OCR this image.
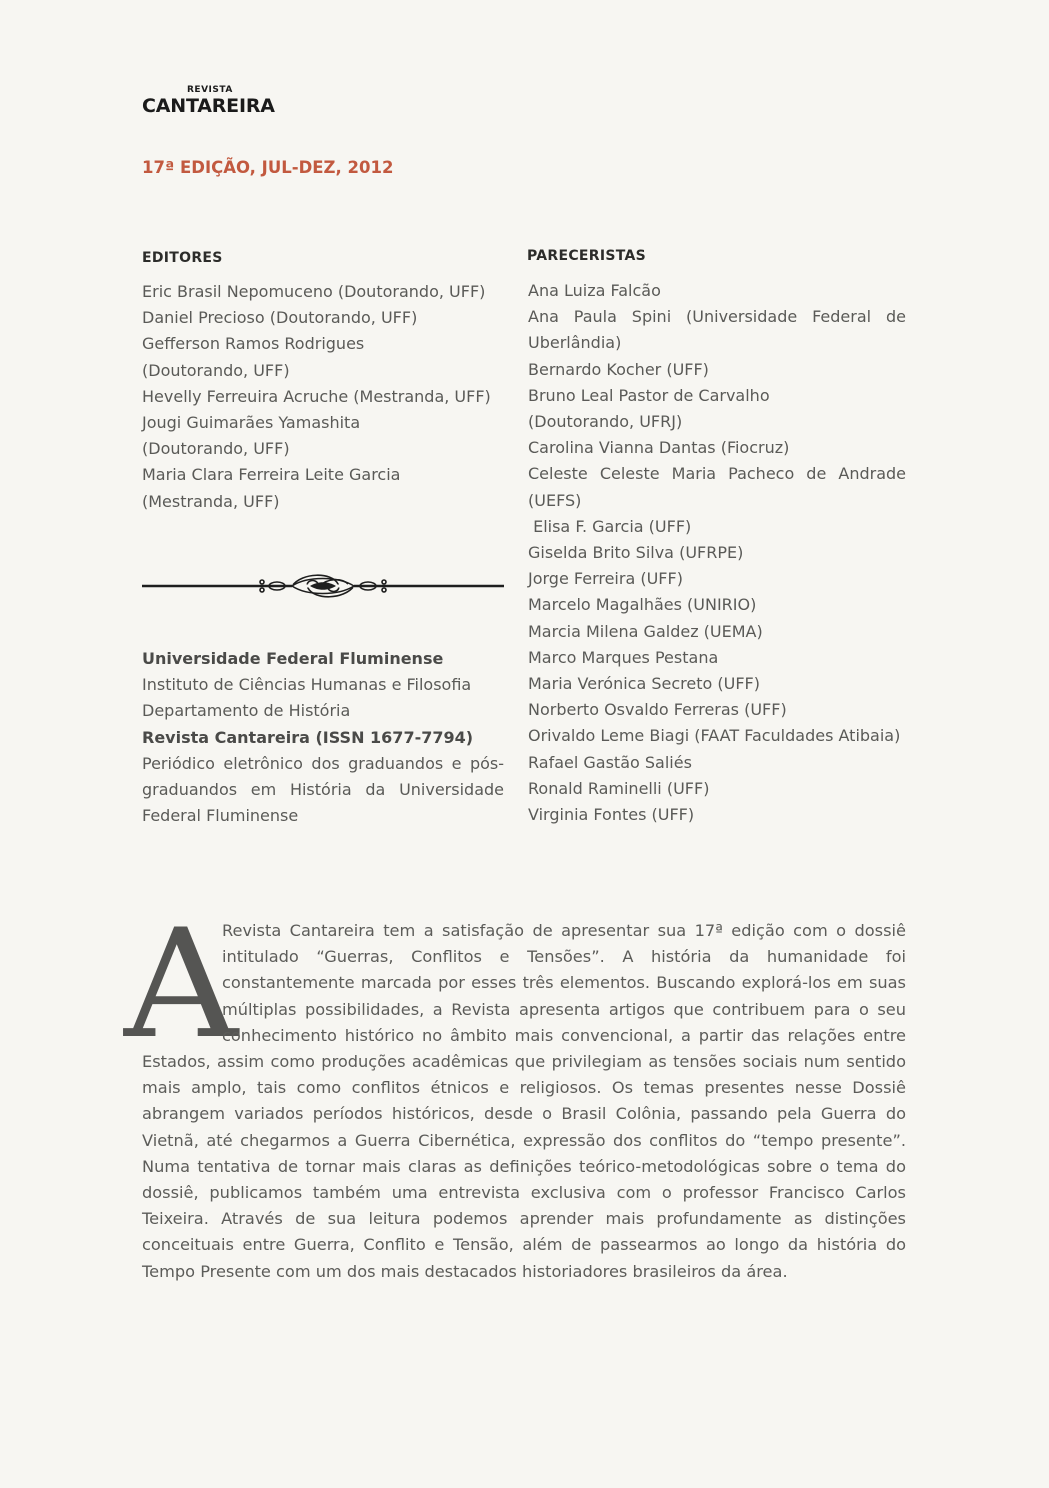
REVISTA
CANTAREIRA
17ª EDIÇÃO, JUL-DEZ, 2012
EDITORES
Eric Brasil Nepomuceno (Doutorando, UFF)
Daniel Precioso (Doutorando, UFF)
Gefferson Ramos Rodrigues
(Doutorando, UFF)
Hevelly Ferreuira Acruche (Mestranda, UFF)
Jougi Guimarães Yamashita
(Doutorando, UFF)
Maria Clara Ferreira Leite Garcia
(Mestranda, UFF)
Universidade Federal Fluminense
Instituto de Ciências Humanas e Filosofia
Departamento de História
Revista Cantareira (ISSN 1677-7794)
Periódico eletrônico dos graduandos e pós-graduandos em História da Universidade Federal Fluminense
PARECERISTAS
Ana Luiza Falcão
Ana Paula Spini (Universidade Federal de Uberlândia)
Bernardo Kocher (UFF)
Bruno Leal Pastor de Carvalho
(Doutorando, UFRJ)
Carolina Vianna Dantas (Fiocruz)
Celeste Celeste Maria Pacheco de Andrade (UEFS)
Elisa F. Garcia (UFF)
Giselda Brito Silva (UFRPE)
Jorge Ferreira (UFF)
Marcelo Magalhães (UNIRIO)
Marcia Milena Galdez (UEMA)
Marco Marques Pestana
Maria Verónica Secreto (UFF)
Norberto Osvaldo Ferreras (UFF)
Orivaldo Leme Biagi (FAAT Faculdades Atibaia)
Rafael Gastão Saliés
Ronald Raminelli (UFF)
Virginia Fontes (UFF)
A
Revista Cantareira tem a satisfação de apresentar sua 17ª edição com o dossiê intitulado “Guerras, Conflitos e Tensões”. A história da humanidade foi constantemente marcada por esses três elementos. Buscando explorá-los em suas múltiplas possibilidades, a Revista apresenta artigos que contribuem para o seu conhecimento histórico no âmbito mais convencional, a partir das relações entre Estados, assim como produções acadêmicas que privilegiam as tensões sociais num sentido mais amplo, tais como conflitos étnicos e religiosos. Os temas presentes nesse Dossiê abrangem variados períodos históricos, desde o Brasil Colônia, passando pela Guerra do Vietnã, até chegarmos a Guerra Cibernética, expressão dos conflitos do “tempo presente”. Numa tentativa de tornar mais claras as definições teórico-metodológicas sobre o tema do dossiê, publicamos também uma entrevista exclusiva com o professor Francisco Carlos Teixeira. Através de sua leitura podemos aprender mais profundamente as distinções conceituais entre Guerra, Conflito e Tensão, além de passearmos ao longo da história do Tempo Presente com um dos mais destacados historiadores brasileiros da área.
